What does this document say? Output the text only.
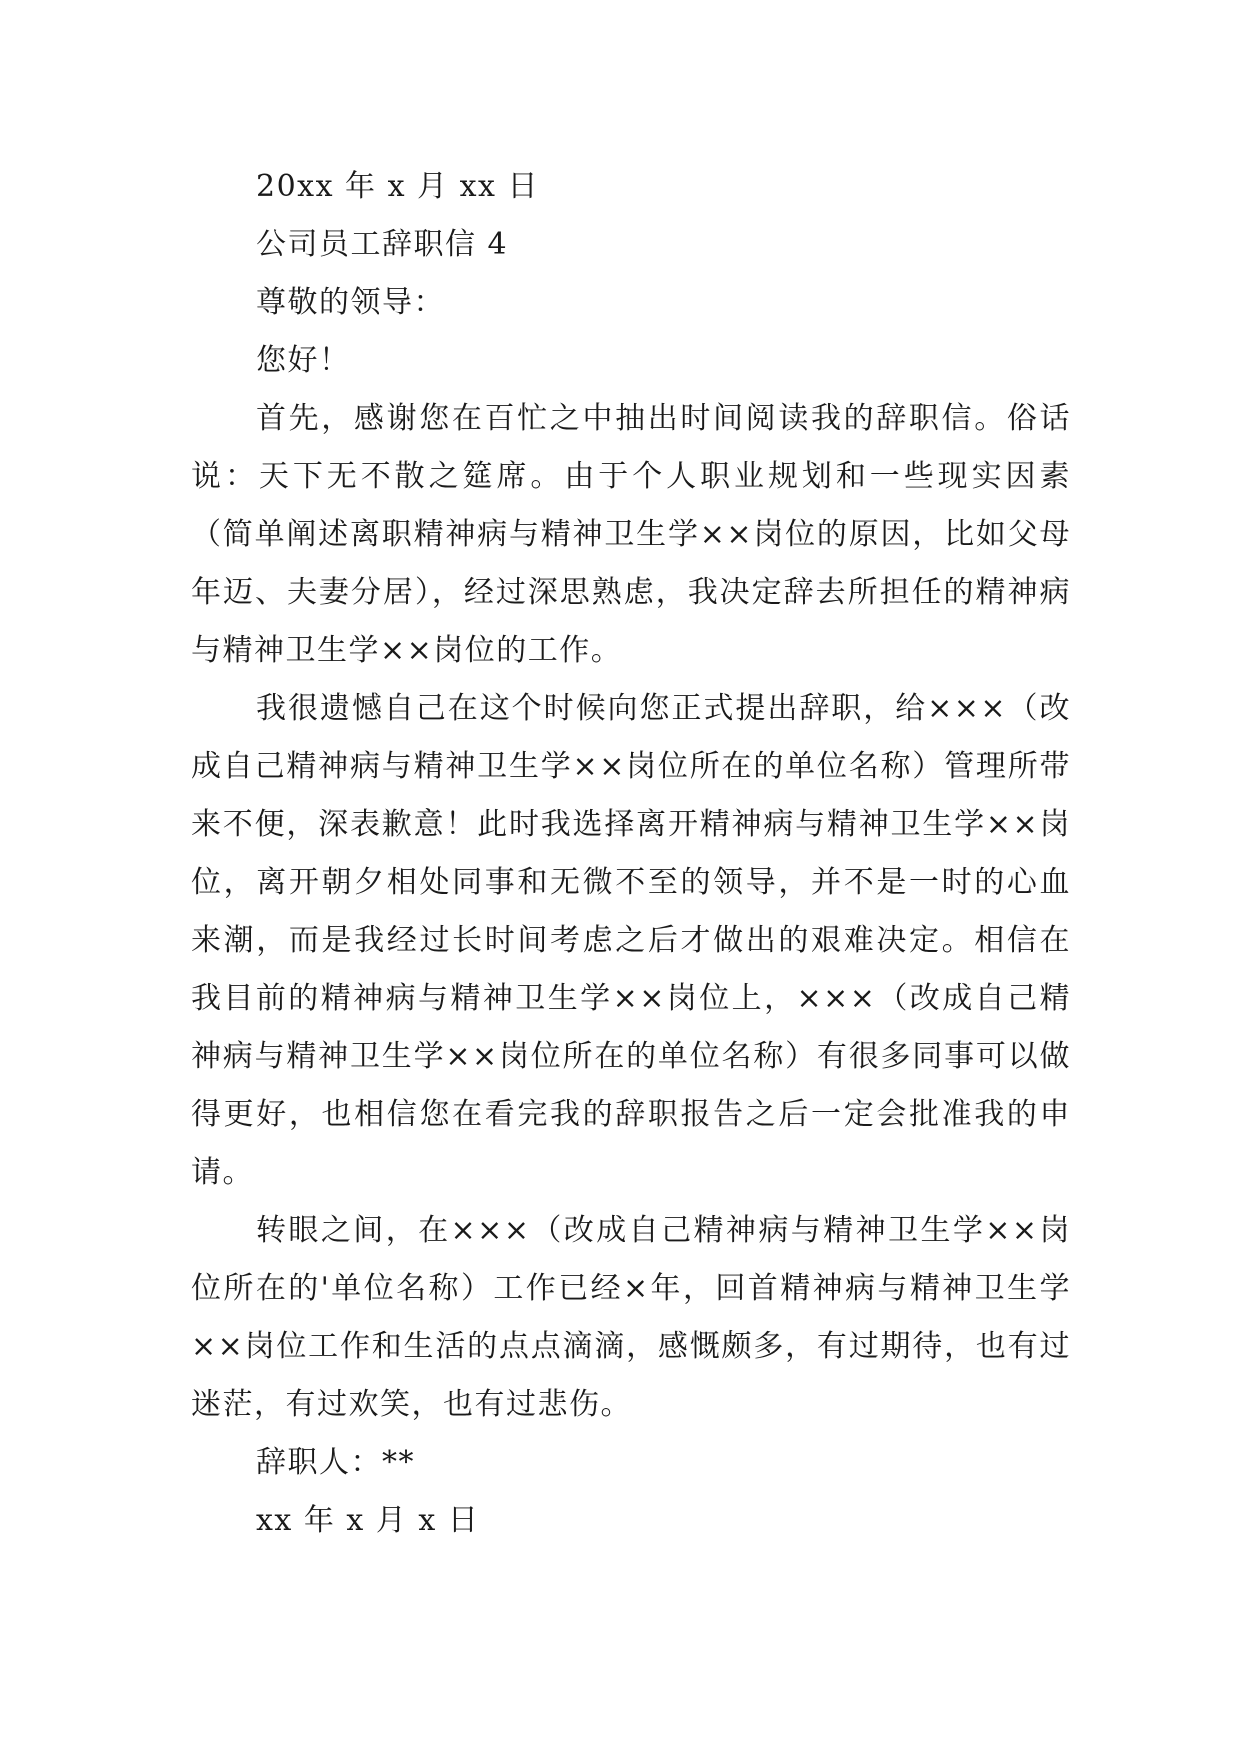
20xx 年 x 月 xx 日

公司员工辞职信 4

尊敬的领导：

您好！

首先，感谢您在百忙之中抽出时间阅读我的辞职信。俗话说：天下无不散之筵席。由于个人职业规划和一些现实因素（简单阐述离职精神病与精神卫生学××岗位的原因，比如父母年迈、夫妻分居），经过深思熟虑，我决定辞去所担任的精神病与精神卫生学××岗位的工作。

我很遗憾自己在这个时候向您正式提出辞职，给×××（改成自己精神病与精神卫生学××岗位所在的单位名称）管理所带来不便，深表歉意！此时我选择离开精神病与精神卫生学××岗位，离开朝夕相处同事和无微不至的领导，并不是一时的心血来潮，而是我经过长时间考虑之后才做出的艰难决定。相信在我目前的精神病与精神卫生学××岗位上，×××（改成自己精神病与精神卫生学××岗位所在的单位名称）有很多同事可以做得更好，也相信您在看完我的辞职报告之后一定会批准我的申请。

转眼之间，在×××（改成自己精神病与精神卫生学××岗位所在的'单位名称）工作已经×年，回首精神病与精神卫生学××岗位工作和生活的点点滴滴，感慨颇多，有过期待，也有过迷茫，有过欢笑，也有过悲伤。

辞职人：**

xx 年 x 月 x 日
